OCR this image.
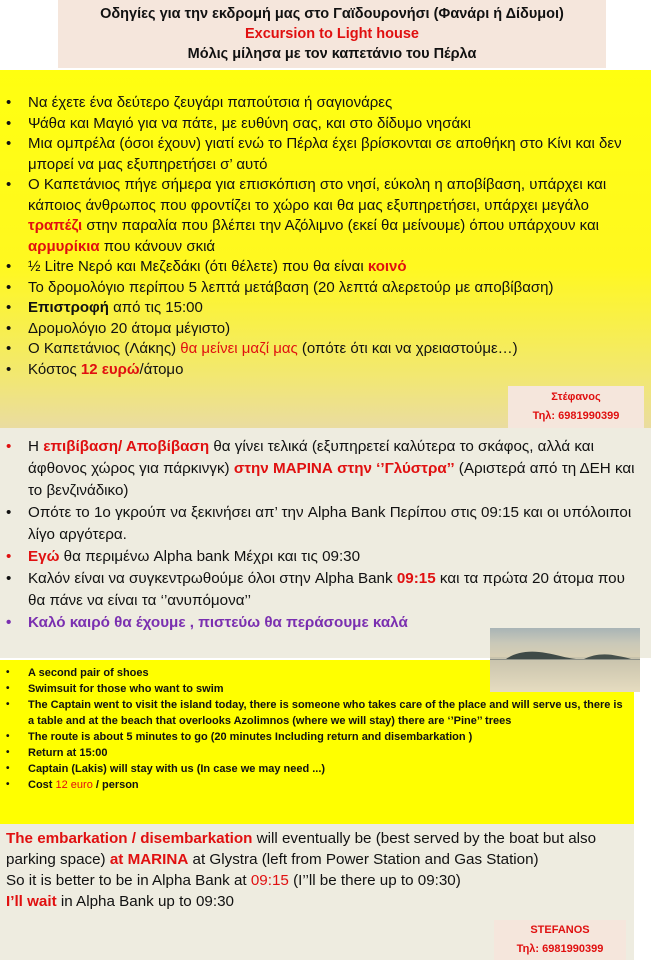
Οδηγίες για την εκδρομή μας στο Γαϊδουρονήσι (Φανάρι ή Δίδυμοι)
Excursion to Light house
Μόλις μίλησα με τον καπετάνιο του Πέρλα
• Να έχετε ένα δεύτερο ζευγάρι παπούτσια ή σαγιονάρες
• Ψάθα και Μαγιό για να πάτε, με ευθύνη σας, και στο δίδυμο νησάκι
• Μια ομπρέλα (όσοι έχουν) γιατί ενώ το Πέρλα έχει βρίσκονται σε αποθήκη στο Κίνι και δεν μπορεί να μας εξυπηρετήσει σ’ αυτό
• Ο Καπετάνιος πήγε σήμερα για επισκόπιση στο νησί, εύκολη η αποβίβαση, υπάρχει και κάποιος άνθρωπος που φροντίζει το χώρο και θα μας εξυπηρετήσει, υπάρχει μεγάλο τραπέζι στην παραλία που βλέπει την Αζόλιμνο (εκεί θα μείνουμε) όπου υπάρχουν και αρμυρίκια που κάνουν σκιά
• ½ Litre Νερό και Μεζεδάκι (ότι θέλετε) που θα είναι κοινό
• Το δρομολόγιο περίπου 5 λεπτά μετάβαση (20 λεπτά αλερετούρ με αποβίβαση)
• Επιστροφή από τις 15:00
• Δρομολόγιο 20 άτομα μέγιστο)
• Ο Καπετάνιος (Λάκης) θα μείνει μαζί μας (οπότε ότι και να χρειαστούμε…)
• Κόστος 12 ευρώ/άτομο
Στέφανος
Τηλ: 6981990399
• Η επιβίβαση/ Αποβίβαση θα γίνει τελικά (εξυπηρετεί καλύτερα το σκάφος, αλλά και άφθονος χώρος για πάρκινγκ) στην ΜΑΡΙΝΑ στην ‘’Γλύστρα’’ (Αριστερά από τη ΔΕΗ και το βενζινάδικο)
• Οπότε το 1ο γκρούπ να ξεκινήσει απ’ την Alpha Bank Περίπου στις 09:15 και οι υπόλοιποι λίγο αργότερα.
• Εγώ θα περιμένω Alpha bank Μέχρι και τις 09:30
• Καλόν είναι να συγκεντρωθούμε όλοι στην Alpha Bank 09:15 και τα πρώτα 20 άτομα που θα πάνε να είναι τα ‘’ανυπόμονα’’
• Καλό καιρό θα έχουμε , πιστεύω θα περάσουμε καλά
• A second pair of shoes
• Swimsuit for those who want to swim
• The Captain went to visit the island today, there is someone who takes care of the place and will serve us, there is a table and at the beach that overlooks Azolimnos (where we will stay) there are ‘’Pine’’ trees
• The route is about 5 minutes to go (20 minutes Including return and disembarkation )
• Return at 15:00
• Captain (Lakis) will stay with us (In case we may need ...)
• Cost 12 euro / person
The embarkation / disembarkation will eventually be (best served by the boat but also parking space) at MARINA at Glystra (left from Power Station and Gas Station)
So it is better to be in Alpha Bank at 09:15 (I’’ll be there up to 09:30)
I’ll wait in Alpha Bank up to 09:30
STEFANOS
Τηλ: 6981990399
